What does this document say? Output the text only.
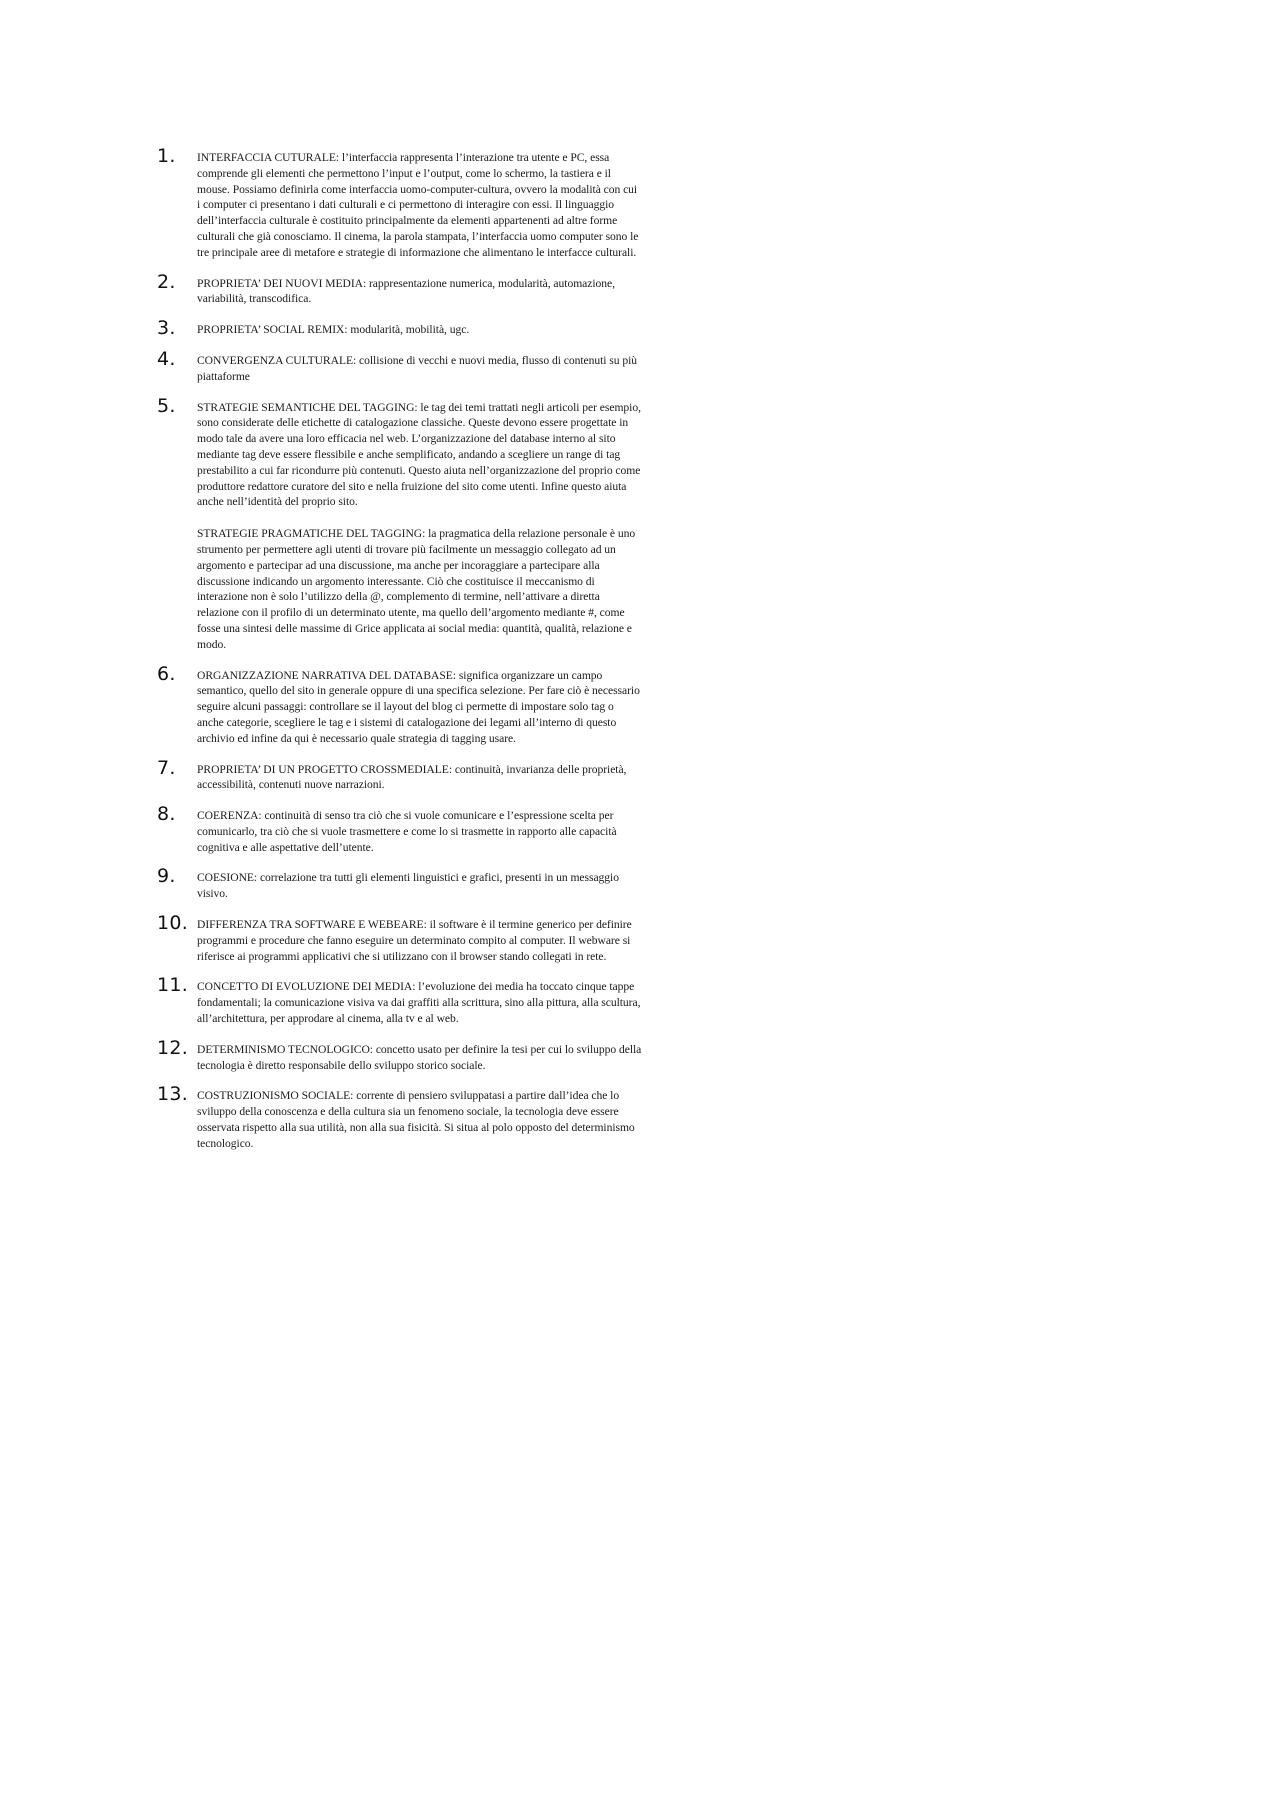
1. INTERFACCIA CUTURALE: l’interfaccia rappresenta l’interazione tra utente e PC, essa comprende gli elementi che permettono l’input e l’output, come lo schermo, la tastiera e il mouse. Possiamo definirla come interfaccia uomo-computer-cultura, ovvero la modalità con cui i computer ci presentano i dati culturali e ci permettono di interagire con essi. Il linguaggio dell’interfaccia culturale è costituito principalmente da elementi appartenenti ad altre forme culturali che già conosciamo. Il cinema, la parola stampata, l’interfaccia uomo computer sono le tre principale aree di metafore e strategie di informazione che alimentano le interfacce culturali.

2. PROPRIETA’ DEI NUOVI MEDIA: rappresentazione numerica, modularità, automazione, variabilità, transcodifica.

3. PROPRIETA’ SOCIAL REMIX: modularità, mobilità, ugc.

4. CONVERGENZA CULTURALE: collisione di vecchi e nuovi media, flusso di contenuti su più piattaforme

5. STRATEGIE SEMANTICHE DEL TAGGING: le tag dei temi trattati negli articoli per esempio, sono considerate delle etichette di catalogazione classiche. Queste devono essere progettate in modo tale da avere una loro efficacia nel web. L’organizzazione del database interno al sito mediante tag deve essere flessibile e anche semplificato, andando a scegliere un range di tag prestabilito a cui far ricondurre più contenuti. Questo aiuta nell’organizzazione del proprio come produttore redattore curatore del sito e nella fruizione del sito come utenti. Infine questo aiuta anche nell’identità del proprio sito.

STRATEGIE PRAGMATICHE DEL TAGGING: la pragmatica della relazione personale è uno strumento per permettere agli utenti di trovare più facilmente un messaggio collegato ad un argomento e partecipar ad una discussione, ma anche per incoraggiare a partecipare alla discussione indicando un argomento interessante. Ciò che costituisce il meccanismo di interazione non è solo l’utilizzo della @, complemento di termine, nell’attivare a diretta relazione con il profilo di un determinato utente, ma quello dell’argomento mediante #, come fosse una sintesi delle massime di Grice applicata ai social media: quantità, qualità, relazione e modo.

6. ORGANIZZAZIONE NARRATIVA DEL DATABASE: significa organizzare un campo semantico, quello del sito in generale oppure di una specifica selezione. Per fare ciò è necessario seguire alcuni passaggi: controllare se il layout del blog ci permette di impostare solo tag o anche categorie, scegliere le tag e i sistemi di catalogazione dei legami all’interno di questo archivio ed infine da qui è necessario quale strategia di tagging usare.

7. PROPRIETA’ DI UN PROGETTO CROSSMEDIALE: continuità, invarianza delle proprietà, accessibilità, contenuti nuove narrazioni.

8. COERENZA: continuità di senso tra ciò che si vuole comunicare e l’espressione scelta per comunicarlo, tra ciò che si vuole trasmettere e come lo si trasmette in rapporto alle capacità cognitiva e alle aspettative dell’utente.

9. COESIONE: correlazione tra tutti gli elementi linguistici e grafici, presenti in un messaggio visivo.

10. DIFFERENZA TRA SOFTWARE E WEBEARE: il software è il termine generico per definire programmi e procedure che fanno eseguire un determinato compito al computer. Il webware si riferisce ai programmi applicativi che si utilizzano con il browser stando collegati in rete.

11. CONCETTO DI EVOLUZIONE DEI MEDIA: l’evoluzione dei media ha toccato cinque tappe fondamentali; la comunicazione visiva va dai graffiti alla scrittura, sino alla pittura, alla scultura, all’architettura, per approdare al cinema, alla tv e al web.

12. DETERMINISMO TECNOLOGICO: concetto usato per definire la tesi per cui lo sviluppo della tecnologia è diretto responsabile dello sviluppo storico sociale.

13. COSTRUZIONISMO SOCIALE: corrente di pensiero sviluppatasi a partire dall’idea che lo sviluppo della conoscenza e della cultura sia un fenomeno sociale, la tecnologia deve essere osservata rispetto alla sua utilità, non alla sua fisicità. Si situa al polo opposto del determinismo tecnologico.
